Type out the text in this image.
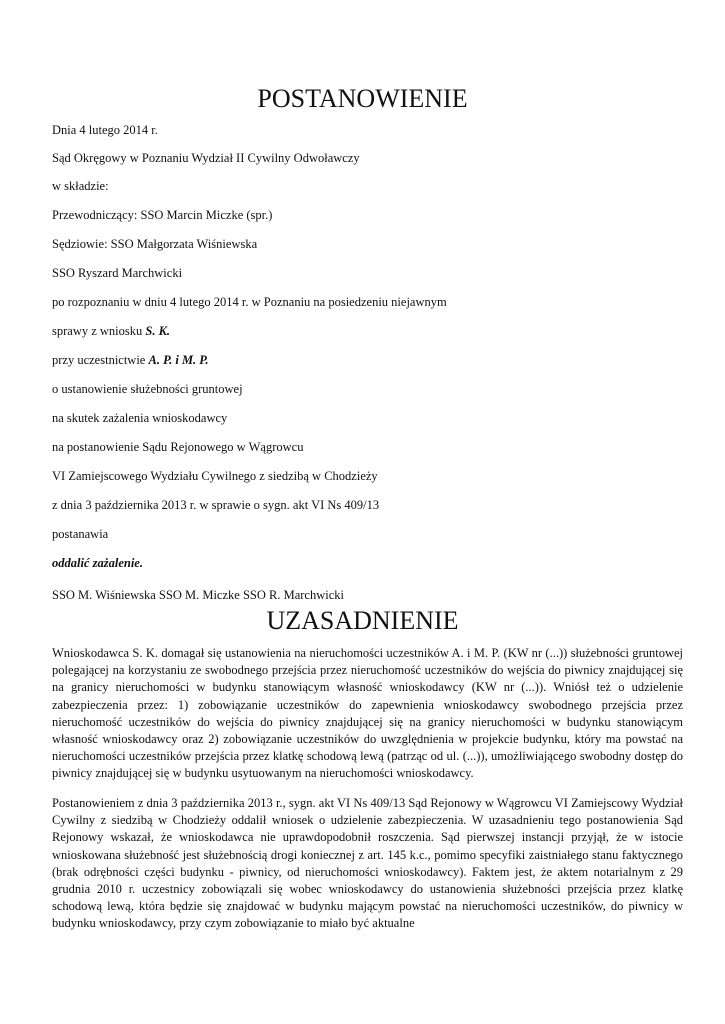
POSTANOWIENIE

Dnia 4 lutego 2014 r.

Sąd Okręgowy w Poznaniu Wydział II Cywilny Odwoławczy

w składzie:

Przewodniczący: SSO Marcin Miczke (spr.)

Sędziowie: SSO Małgorzata Wiśniewska

SSO Ryszard Marchwicki

po rozpoznaniu w dniu 4 lutego 2014 r. w Poznaniu na posiedzeniu niejawnym

sprawy z wniosku S. K.

przy uczestnictwie A. P. i M. P.

o ustanowienie służebności gruntowej

na skutek zażalenia wnioskodawcy

na postanowienie Sądu Rejonowego w Wągrowcu

VI Zamiejscowego Wydziału Cywilnego z siedzibą w Chodzieży

z dnia 3 października 2013 r. w sprawie o sygn. akt VI Ns 409/13

postanawia

oddalić zażalenie.

SSO M. Wiśniewska SSO M. Miczke SSO R. Marchwicki

UZASADNIENIE

Wnioskodawca S. K. domagał się ustanowienia na nieruchomości uczestników A. i M. P. (KW nr (...)) służebności gruntowej polegającej na korzystaniu ze swobodnego przejścia przez nieruchomość uczestników do wejścia do piwnicy znajdującej się na granicy nieruchomości w budynku stanowiącym własność wnioskodawcy (KW nr (...)). Wniósł też o udzielenie zabezpieczenia przez: 1) zobowiązanie uczestników do zapewnienia wnioskodawcy swobodnego przejścia przez nieruchomość uczestników do wejścia do piwnicy znajdującej się na granicy nieruchomości w budynku stanowiącym własność wnioskodawcy oraz 2) zobowiązanie uczestników do uwzględnienia w projekcie budynku, który ma powstać na nieruchomości uczestników przejścia przez klatkę schodową lewą (patrząc od ul. (...)), umożliwiającego swobodny dostęp do piwnicy znajdującej się w budynku usytuowanym na nieruchomości wnioskodawcy.

Postanowieniem z dnia 3 października 2013 r., sygn. akt VI Ns 409/13 Sąd Rejonowy w Wągrowcu VI Zamiejscowy Wydział Cywilny z siedzibą w Chodzieży oddalił wniosek o udzielenie zabezpieczenia. W uzasadnieniu tego postanowienia Sąd Rejonowy wskazał, że wnioskodawca nie uprawdopodobnił roszczenia. Sąd pierwszej instancji przyjął, że w istocie wnioskowana służebność jest służebnością drogi koniecznej z art. 145 k.c., pomimo specyfiki zaistniałego stanu faktycznego (brak odrębności części budynku - piwnicy, od nieruchomości wnioskodawcy). Faktem jest, że aktem notarialnym z 29 grudnia 2010 r. uczestnicy zobowiązali się wobec wnioskodawcy do ustanowienia służebności przejścia przez klatkę schodową lewą, która będzie się znajdować w budynku mającym powstać na nieruchomości uczestników, do piwnicy w budynku wnioskodawcy, przy czym zobowiązanie to miało być aktualne
